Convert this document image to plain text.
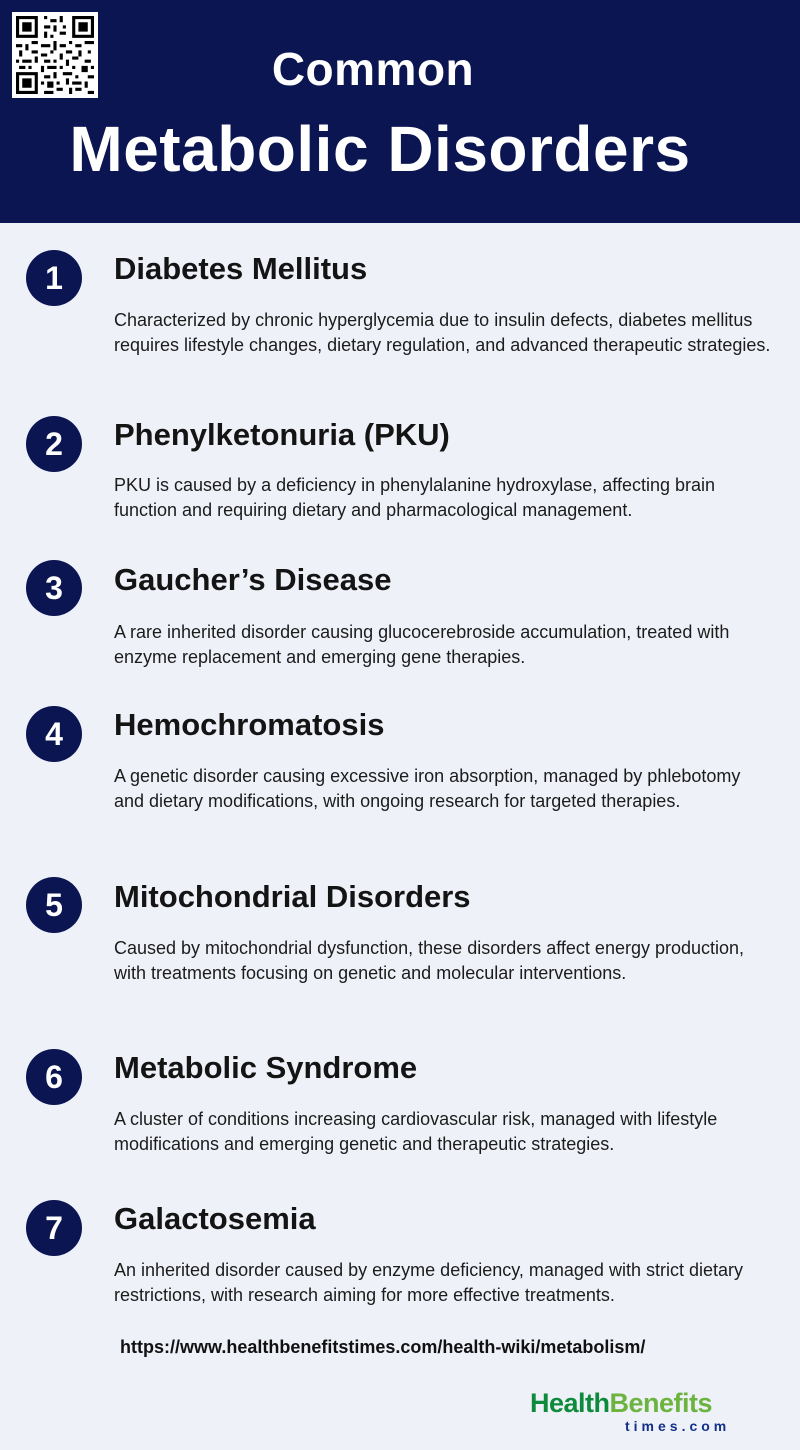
Common
Metabolic Disorders
1	Diabetes Mellitus
Characterized by chronic hyperglycemia due to insulin defects, diabetes mellitus requires lifestyle changes, dietary regulation, and advanced therapeutic strategies.
2	Phenylketonuria (PKU)
PKU is caused by a deficiency in phenylalanine hydroxylase, affecting brain function and requiring dietary and pharmacological management.
3	Gaucher’s Disease
A rare inherited disorder causing glucocerebroside accumulation, treated with enzyme replacement and emerging gene therapies.
4	Hemochromatosis
A genetic disorder causing excessive iron absorption, managed by phlebotomy and dietary modifications, with ongoing research for targeted therapies.
5	Mitochondrial Disorders
Caused by mitochondrial dysfunction, these disorders affect energy production, with treatments focusing on genetic and molecular interventions.
6	Metabolic Syndrome
A cluster of conditions increasing cardiovascular risk, managed with lifestyle modifications and emerging genetic and therapeutic strategies.
7	Galactosemia
An inherited disorder caused by enzyme deficiency, managed with strict dietary restrictions, with research aiming for more effective treatments.
https://www.healthbenefitstimes.com/health-wiki/metabolism/
HealthBenefits
times.com
